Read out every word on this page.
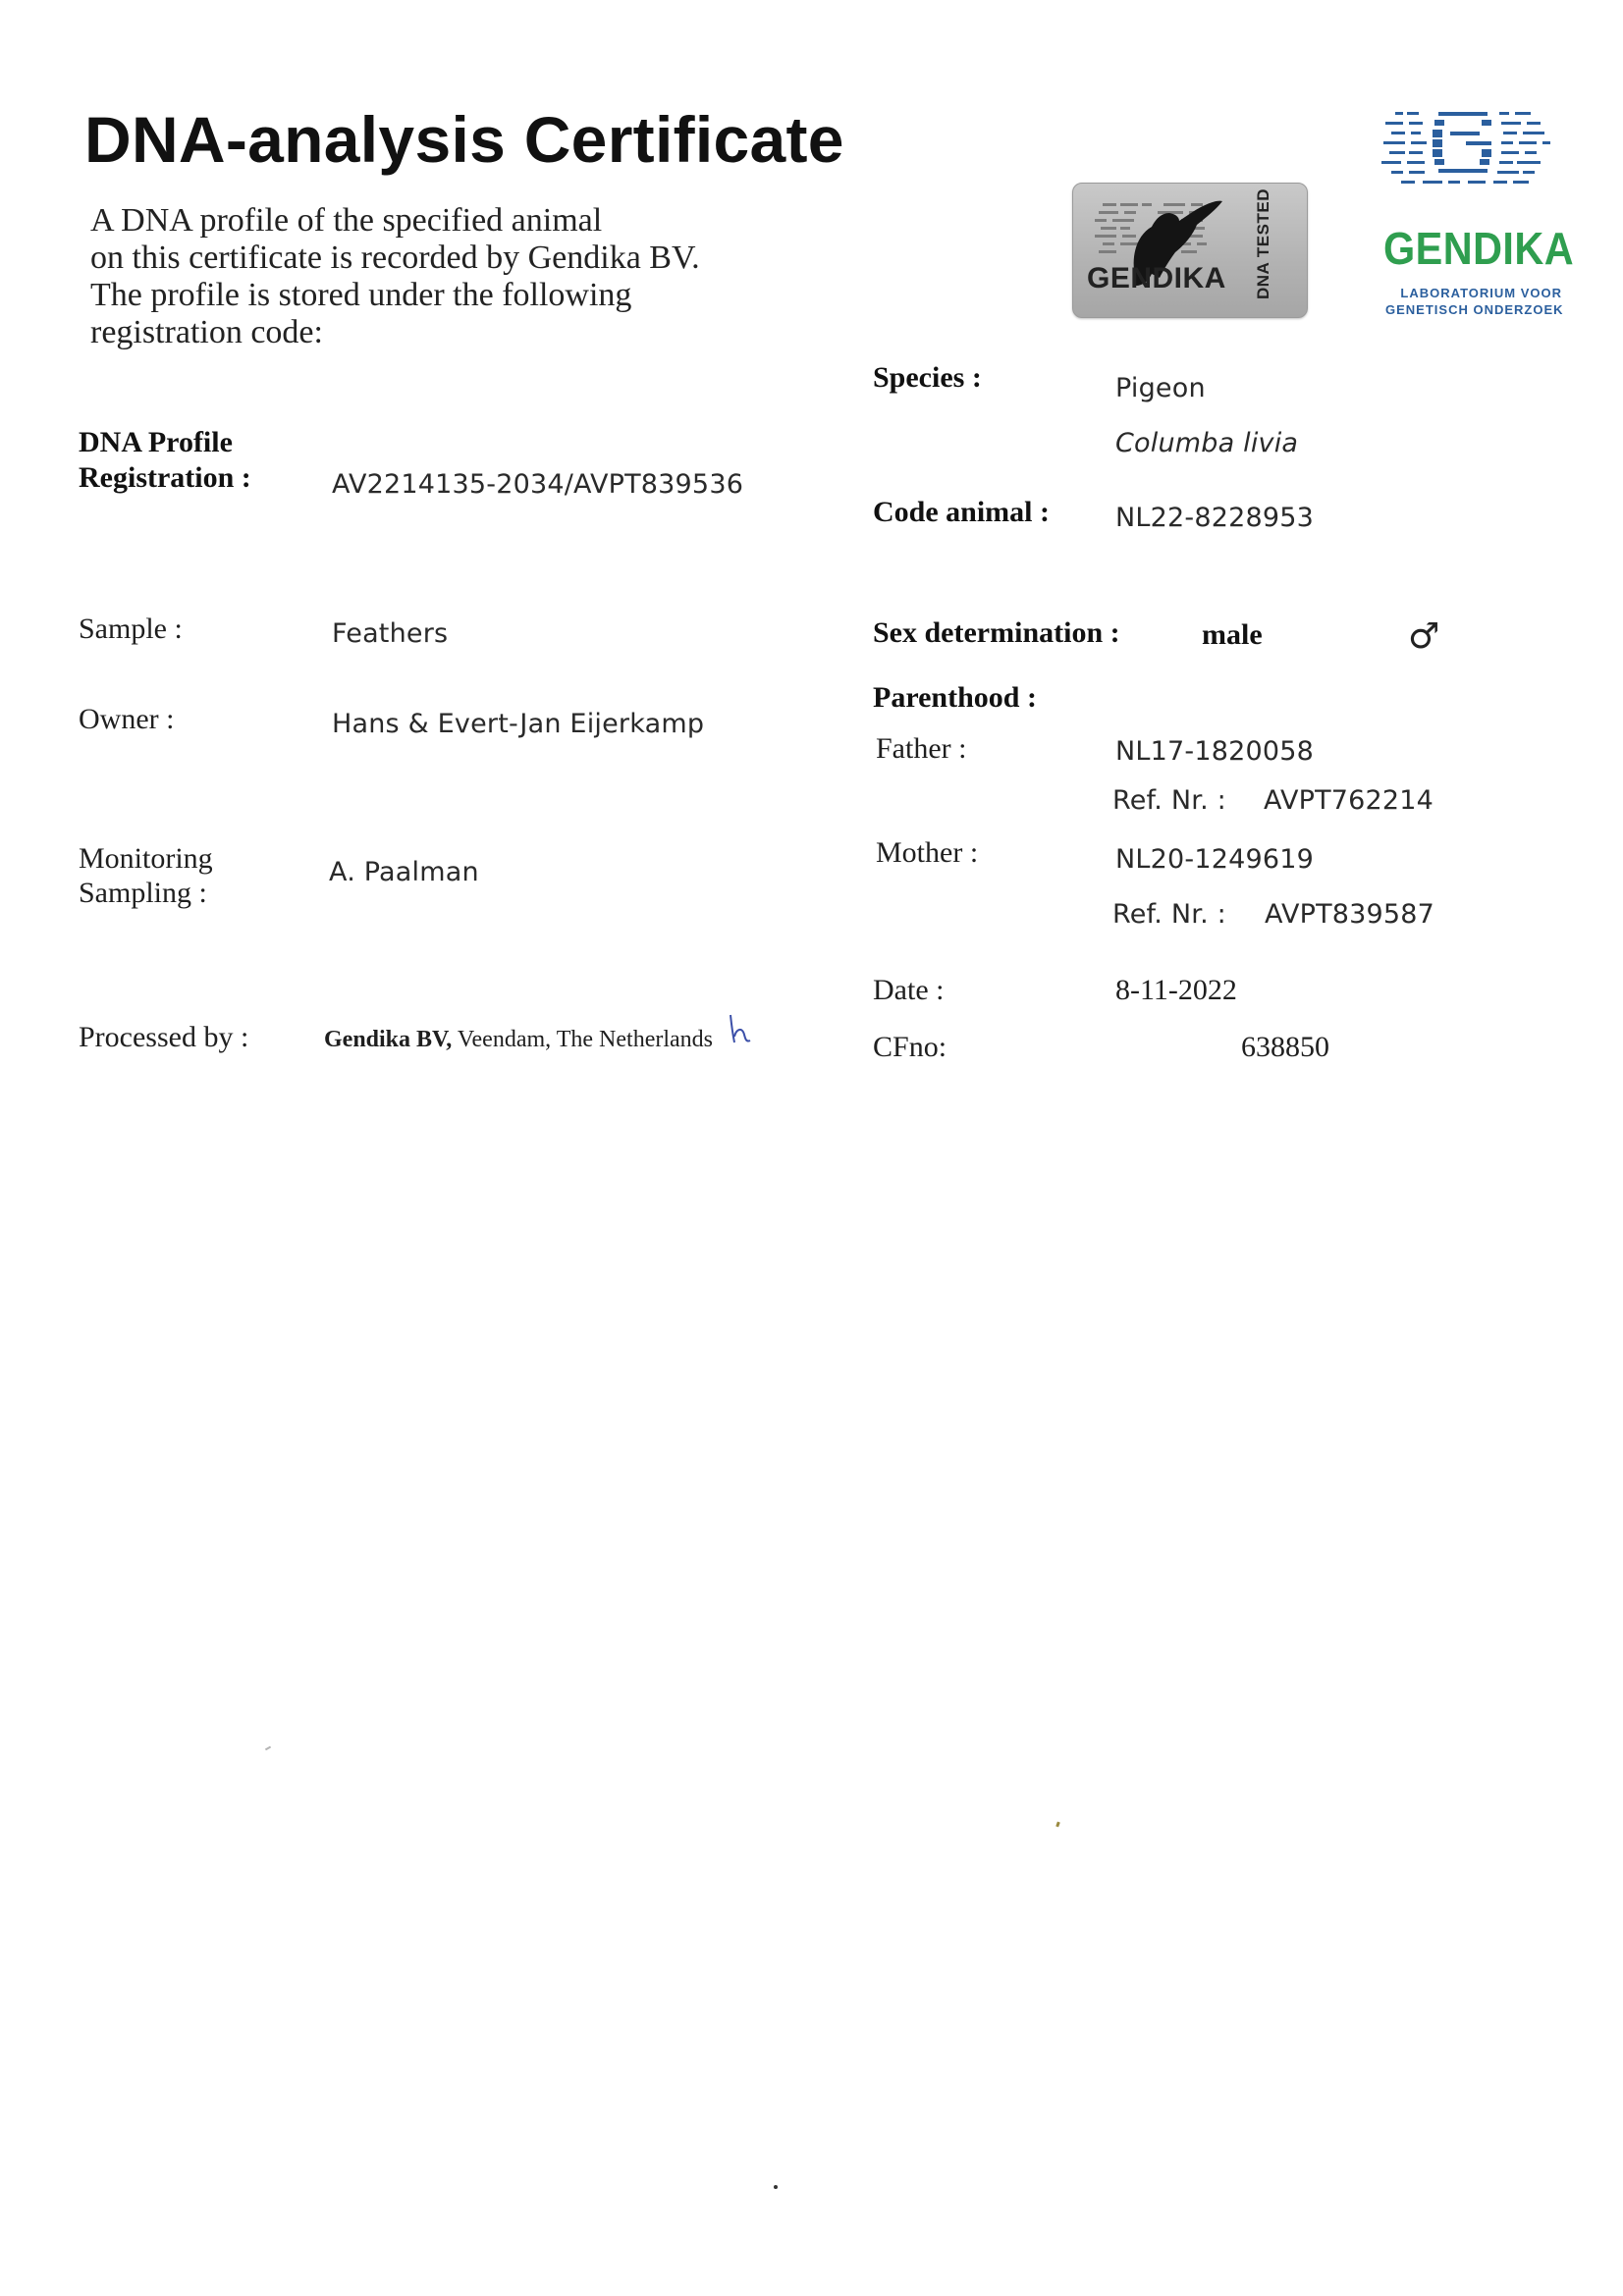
DNA-analysis Certificate
A DNA profile of the specified animal
on this certificate is recorded by Gendika BV.
The profile is stored under the following
registration code:
GENDIKA DNA TESTED GENDIKA
LABORATORIUM VOOR
GENETISCH ONDERZOEK
DNA Profile
Registration :	AV2214135-2034/AVPT839536
Sample :	Feathers
Owner :	Hans & Evert-Jan Eijerkamp
Monitoring
Sampling :
A. Paalman
Processed by :	Gendika BV, Veendam, The Netherlands
Species :	Pigeon
Columba livia
Code animal : NL22-8228953
Sex determination :	male	♂
Parenthood :
Father :	NL17-1820058
Ref. Nr. : AVPT762214
Mother :	NL20-1249619
Ref. Nr. : AVPT839587
Date :	8-11-2022
CFno:	638850
